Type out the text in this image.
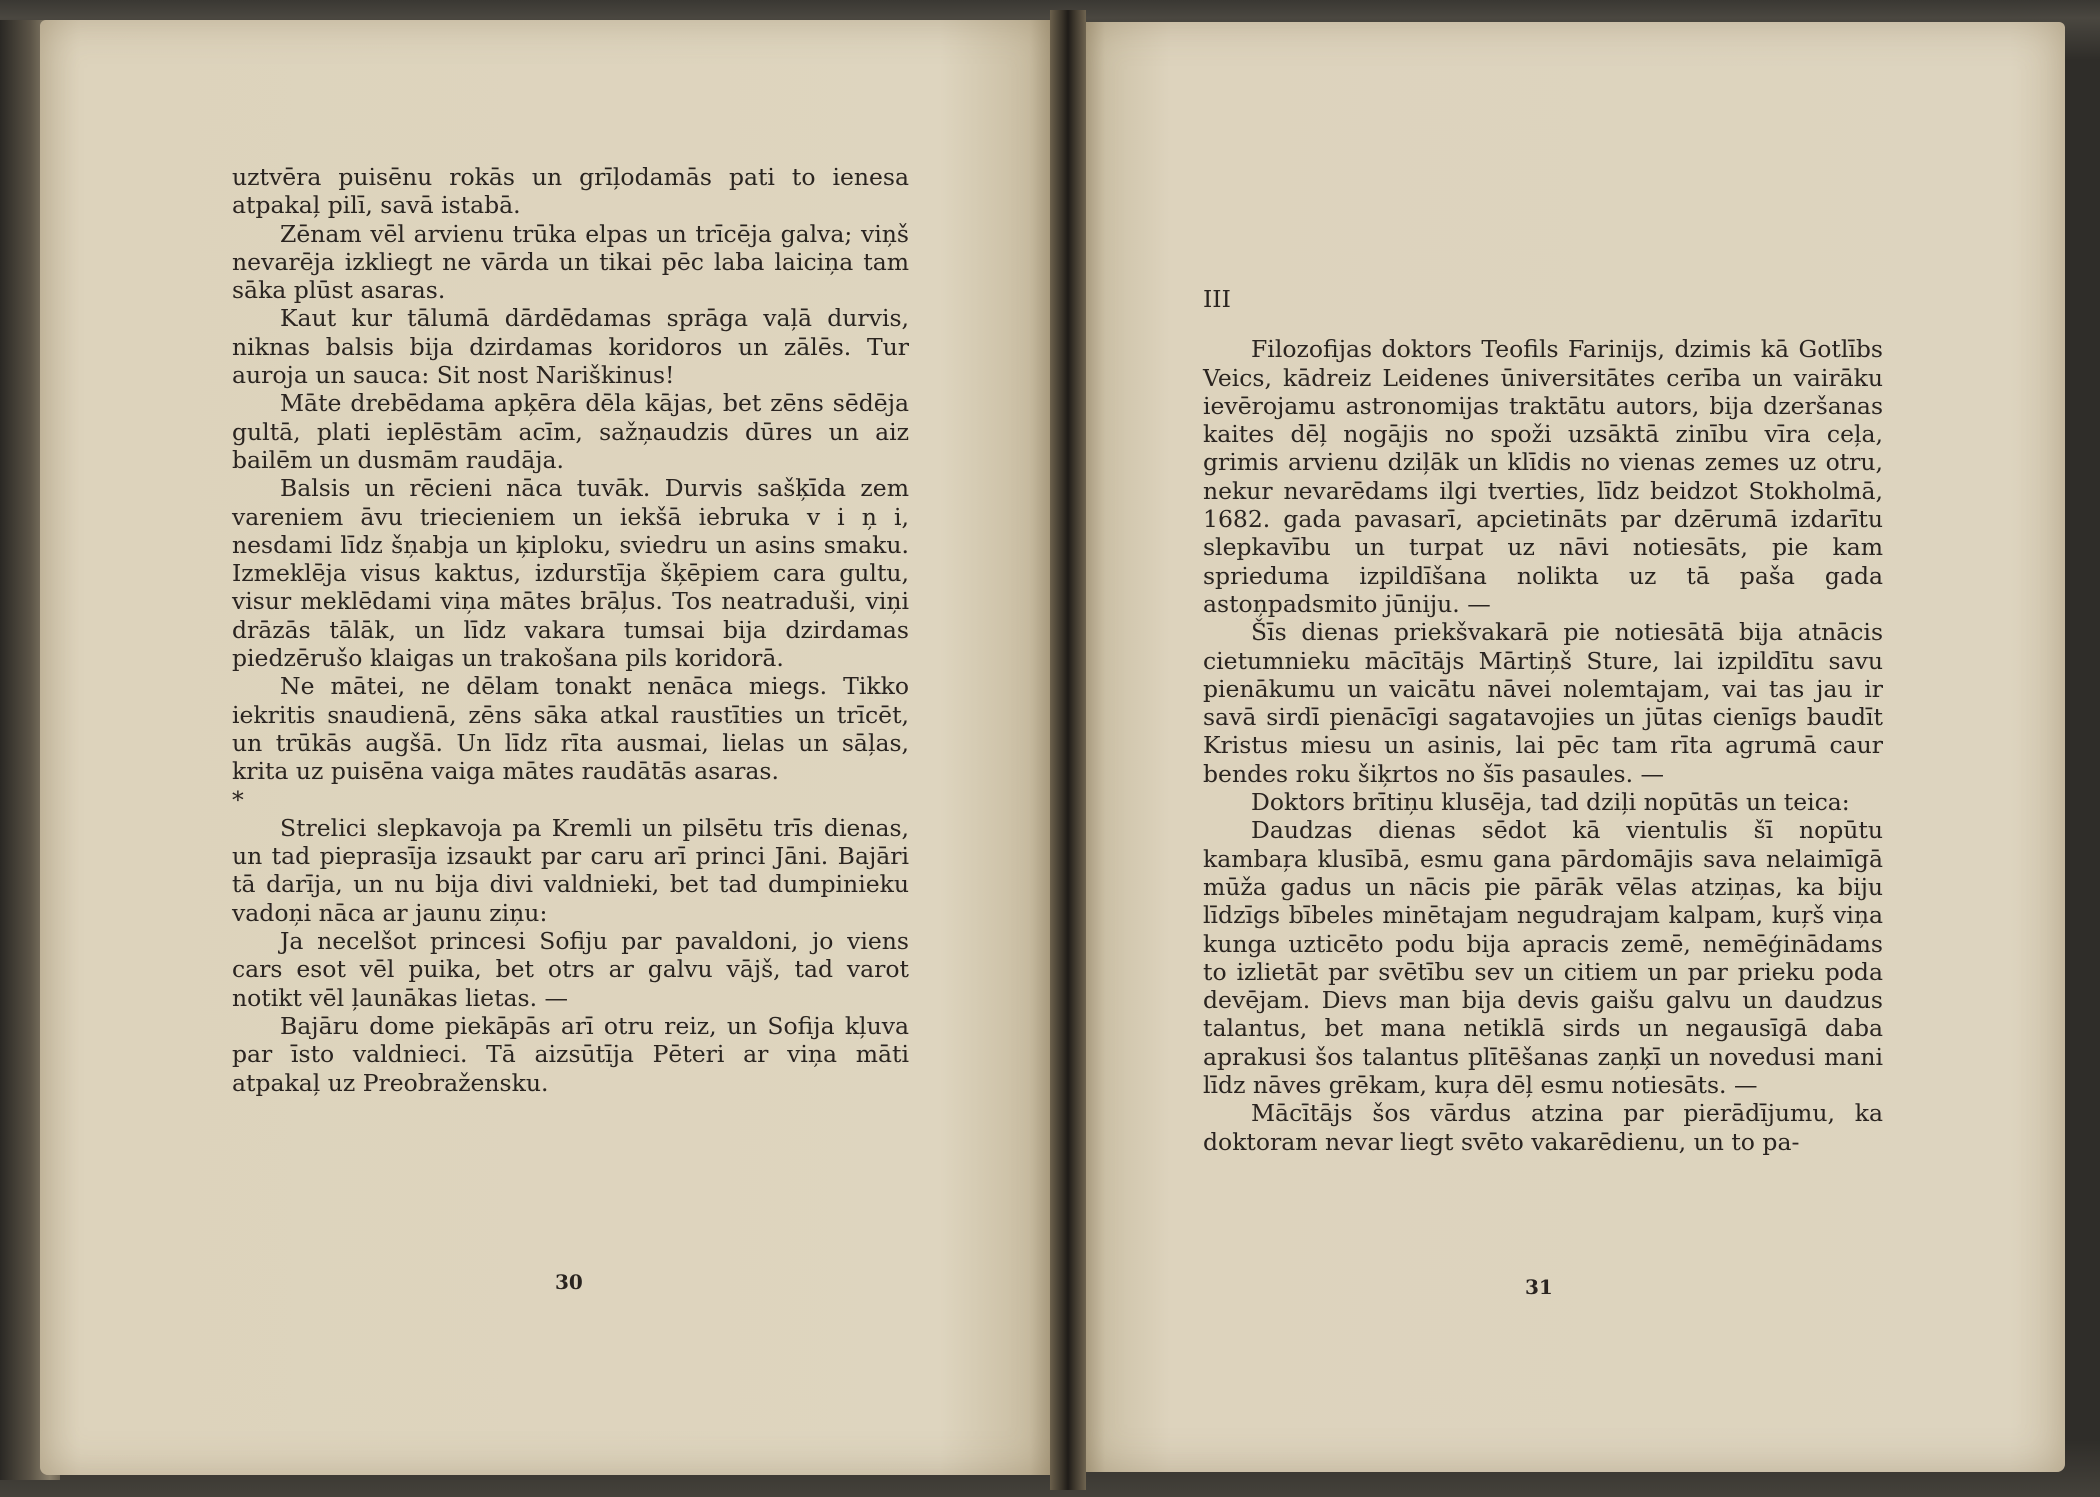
uztvēra puisēnu rokās un grīļodamās pati to ienesa atpakaļ pilī, savā istabā.

Zēnam vēl arvienu trūka elpas un trīcēja galva; viņš nevarēja izkliegt ne vārda un tikai pēc laba laiciņa tam sāka plūst asaras.

Kaut kur tālumā dārdēdamas sprāga vaļā durvis, niknas balsis bija dzirdamas koridoros un zālēs. Tur auroja un sauca: Sit nost Nariškinus!

Māte drebēdama apķēra dēla kājas, bet zēns sēdēja gultā, plati ieplēstām acīm, sažņaudzis dūres un aiz bailēm un dusmām raudāja.

Balsis un rēcieni nāca tuvāk. Durvis sašķīda zem vareniem āvu triecieniem un iekšā iebruka v i ņ i, nesdami līdz šņabja un ķiploku, sviedru un asins smaku. Izmeklēja visus kaktus, izdurstīja šķēpiem cara gultu, visur meklēdami viņa mātes brāļus. Tos neatraduši, viņi drāzās tālāk, un līdz vakara tumsai bija dzirdamas piedzērušo klaigas un trakošana pils koridorā.

Ne mātei, ne dēlam tonakt nenāca miegs. Tikko iekritis snaudienā, zēns sāka atkal raustīties un trīcēt, un trūkās augšā. Un līdz rīta ausmai, lielas un sāļas, krita uz puisēna vaiga mātes raudātās asaras.

*

Strelici slepkavoja pa Kremli un pilsētu trīs dienas, un tad pieprasīja izsaukt par caru arī princi Jāni. Bajāri tā darīja, un nu bija divi valdnieki, bet tad dumpinieku vadoņi nāca ar jaunu ziņu:

Ja necelšot princesi Sofiju par pavaldoni, jo viens cars esot vēl puika, bet otrs ar galvu vājš, tad varot notikt vēl ļaunākas lietas. —

Bajāru dome piekāpās arī otru reiz, un Sofija kļuva par īsto valdnieci. Tā aizsūtīja Pēteri ar viņa māti atpakaļ uz Preobražensku.

30

III

Filozofijas doktors Teofils Farinijs, dzimis kā Gotlībs Veics, kādreiz Leidenes ūniversitātes cerība un vairāku ievērojamu astronomijas traktātu autors, bija dzeršanas kaites dēļ nogājis no spoži uzsāktā zinību vīra ceļa, grimis arvienu dziļāk un klīdis no vienas zemes uz otru, nekur nevarēdams ilgi tverties, līdz beidzot Stokholmā, 1682. gada pavasarī, apcietināts par dzērumā izdarītu slepkavību un turpat uz nāvi notiesāts, pie kam sprieduma izpildīšana nolikta uz tā paša gada astoņpadsmito jūniju. —

Šīs dienas priekšvakarā pie notiesātā bija atnācis cietumnieku mācītājs Mārtiņš Sture, lai izpildītu savu pienākumu un vaicātu nāvei nolemtajam, vai tas jau ir savā sirdī pienācīgi sagatavojies un jūtas cienīgs baudīt Kristus miesu un asinis, lai pēc tam rīta agrumā caur bendes roku šiķrtos no šīs pasaules. —

Doktors brītiņu klusēja, tad dziļi nopūtās un teica:

Daudzas dienas sēdot kā vientulis šī nopūtu kambaŗa klusībā, esmu gana pārdomājis sava nelaimīgā mūža gadus un nācis pie pārāk vēlas atziņas, ka biju līdzīgs bībeles minētajam negudrajam kalpam, kuŗš viņa kunga uzticēto podu bija apracis zemē, nemēģinādams to izlietāt par svētību sev un citiem un par prieku poda devējam. Dievs man bija devis gaišu galvu un daudzus talantus, bet mana netiklā sirds un negausīgā daba aprakusi šos talantus plītēšanas zaņķī un novedusi mani līdz nāves grēkam, kuŗa dēļ esmu notiesāts. —

Mācītājs šos vārdus atzina par pierādījumu, ka doktoram nevar liegt svēto vakarēdienu, un to pa-

31
